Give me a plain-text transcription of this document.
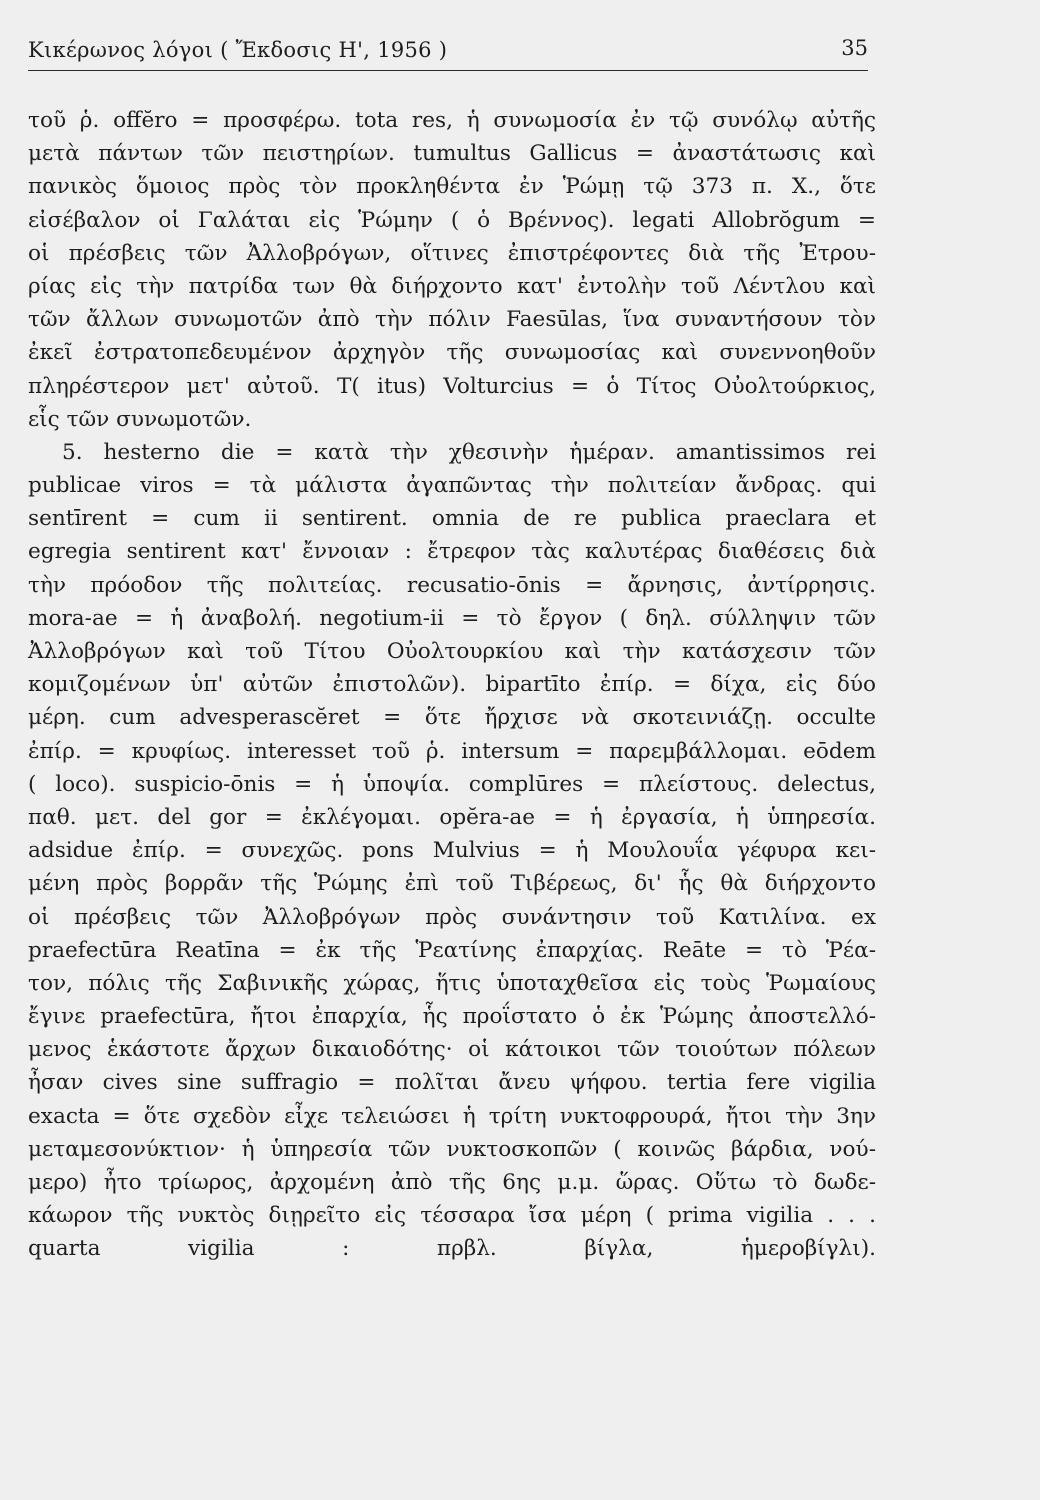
Κικέρωνος λόγοι ( Ἔκδοσις Η', 1956 )	35
τοῦ ῥ. offĕro = προσφέρω. tota res, ἡ συνωμοσία ἐν τῷ συνόλῳ αὐτῆς
μετὰ πάντων τῶν πειστηρίων. tumultus Gallicus = ἀναστάτωσις καὶ
πανικὸς ὅμοιος πρὸς τὸν προκληθέντα ἐν Ῥώμῃ τῷ 373 π. Χ., ὅτε
εἰσέβαλον οἱ Γαλάται εἰς Ῥώμην ( ὁ Βρέννος). legati Allobrŏgum =
οἱ πρέσβεις τῶν Ἀλλοβρόγων, οἵτινες ἐπιστρέφοντες διὰ τῆς Ἐτρου-
ρίας εἰς τὴν πατρίδα των θὰ διήρχοντο κατ' ἐντολὴν τοῦ Λέντλου καὶ
τῶν ἄλλων συνωμοτῶν ἀπὸ τὴν πόλιν Faesūlas, ἵνα συναντήσουν τὸν
ἐκεῖ ἐστρατοπεδευμένον ἀρχηγὸν τῆς συνωμοσίας καὶ συνεννοηθοῦν
πληρέστερον μετ' αὐτοῦ. T( itus) Volturcius = ὁ Τίτος Οὐολτούρκιος,
εἷς τῶν συνωμοτῶν.
5. hesterno die = κατὰ τὴν χθεσινὴν ἡμέραν. amantissimos rei
publicae viros = τὰ μάλιστα ἀγαπῶντας τὴν πολιτείαν ἄνδρας. qui
sentīrent = cum ii sentirent. omnia de re publica praeclara et
egregia sentirent κατ' ἔννοιαν : ἔτρεφον τὰς καλυτέρας διαθέσεις διὰ
τὴν πρόοδον τῆς πολιτείας. recusatio-ōnis = ἄρνησις, ἀντίρρησις.
mora-ae = ἡ ἀναβολή. negotium-ii = τὸ ἔργον ( δηλ. σύλληψιν τῶν
Ἀλλοβρόγων καὶ τοῦ Τίτου Οὐολτουρκίου καὶ τὴν κατάσχεσιν τῶν
κομιζομένων ὑπ' αὐτῶν ἐπιστολῶν). bipartīto ἐπίρ. = δίχα, εἰς δύο
μέρη. cum advesperascĕret = ὅτε ἤρχισε νὰ σκοτεινιάζῃ. occulte
ἐπίρ. = κρυφίως. interesset τοῦ ῥ. intersum = παρεμβάλλομαι. eōdem
( loco). suspicio-ōnis = ἡ ὑποψία. complūres = πλείστους. delectus,
παθ. μετ. del gor = ἐκλέγομαι. opĕra-ae = ἡ ἐργασία, ἡ ὑπηρεσία.
adsidue ἐπίρ. = συνεχῶς. pons Mulvius = ἡ Μουλουΐα γέφυρα κει-
μένη πρὸς βορρᾶν τῆς Ῥώμης ἐπὶ τοῦ Τιβέρεως, δι' ἧς θὰ διήρχοντο
οἱ πρέσβεις τῶν Ἀλλοβρόγων πρὸς συνάντησιν τοῦ Κατιλίνα. ex
praefectūra Reatīna = ἐκ τῆς Ῥεατίνης ἐπαρχίας. Reāte = τὸ Ῥέα-
τον, πόλις τῆς Σαβινικῆς χώρας, ἥτις ὑποταχθεῖσα εἰς τοὺς Ῥωμαίους
ἔγινε praefectūra, ἤτοι ἐπαρχία, ἧς προΐστατο ὁ ἐκ Ῥώμης ἀποστελλό-
μενος ἑκάστοτε ἄρχων δικαιοδότης· οἱ κάτοικοι τῶν τοιούτων πόλεων
ἦσαν cives sine suffragio = πολῖται ἄνευ ψήφου. tertia fere vigilia
exacta = ὅτε σχεδὸν εἶχε τελειώσει ἡ τρίτη νυκτοφρουρά, ἤτοι τὴν 3ην
μεταμεσονύκτιον· ἡ ὑπηρεσία τῶν νυκτοσκοπῶν ( κοινῶς βάρδια, νού-
μερο) ἦτο τρίωρος, ἀρχομένη ἀπὸ τῆς 6ης μ.μ. ὥρας. Οὕτω τὸ δωδε-
κάωρον τῆς νυκτὸς διῃρεῖτο εἰς τέσσαρα ἴσα μέρη ( prima vigilia . . .
quarta vigilia : πρβλ. βίγλα, ἡμεροβίγλι).
